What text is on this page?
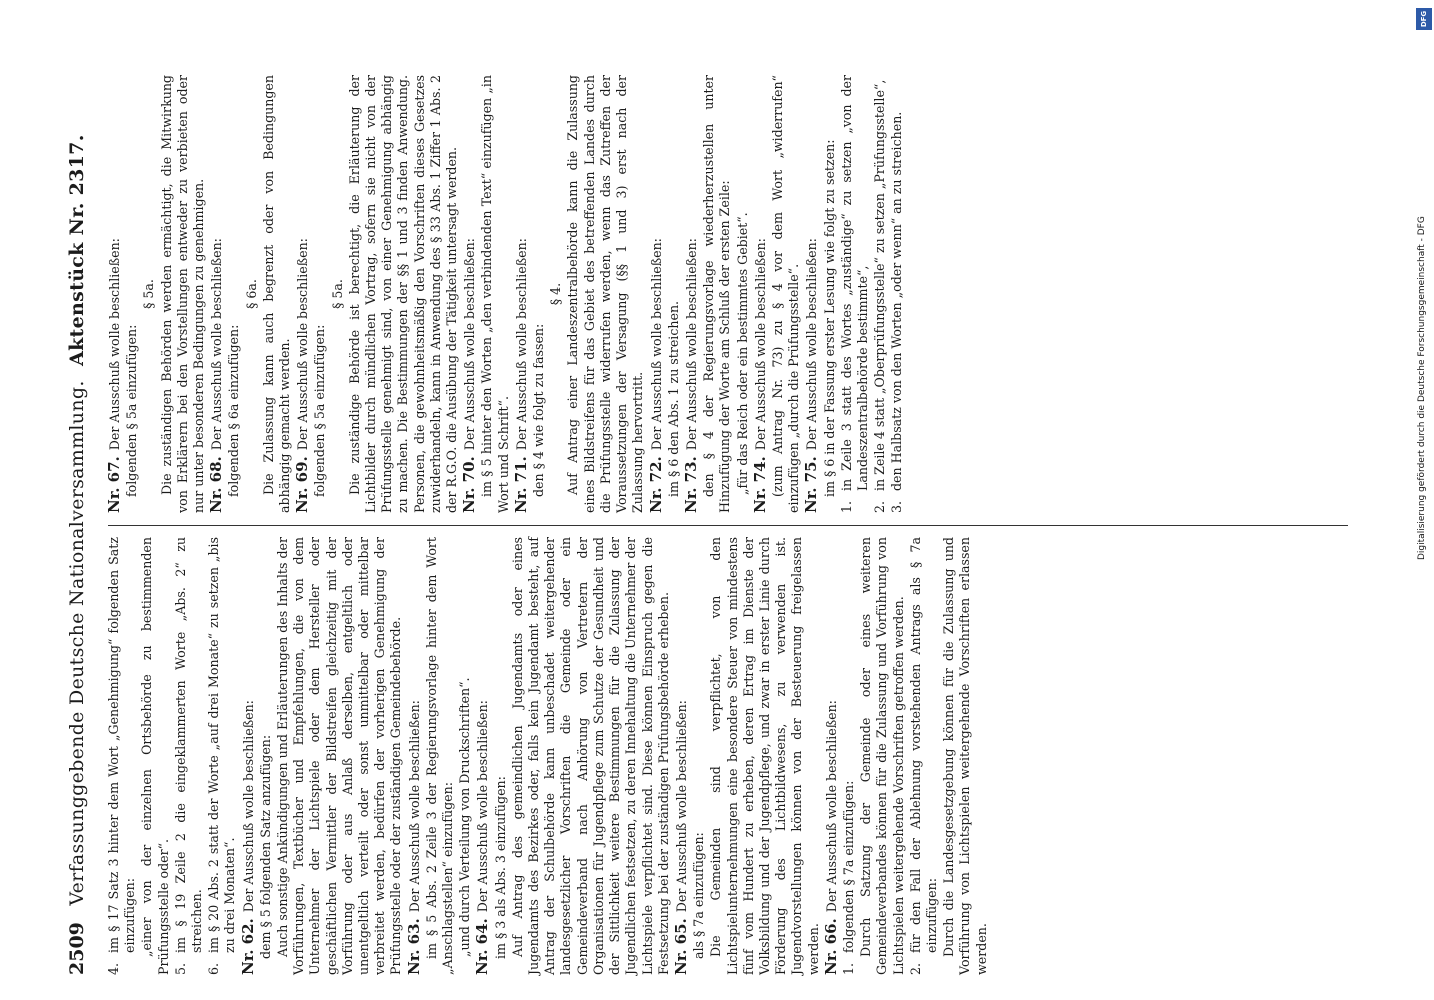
2509
Verfassunggebende Deutsche Nationalversammlung. Aktenstück Nr. 2317.
4.im § 17 Satz 3 hinter dem Wort „Genehmigung“ folgenden Satz einzufügen: „einer von der einzelnen Ortsbehörde zu bestimmenden Prüfungsstelle oder“. 5.im § 19 Zeile 2 die eingeklammerten Worte „Abs. 2“ zu streichen.
6.im § 20 Abs. 2 statt der Worte „auf drei Monate“ zu setzen „bis zu drei Monaten“. Nr. 62.Der Ausschuß wolle beschließen: dem § 5 folgenden Satz anzufügen: Auch sonstige Ankündigungen und Erläuterungen des Inhalts der Vorführungen, Textbücher und Empfehlungen, die von dem Unternehmer der Lichtspiele oder dem Hersteller oder geschäftlichen Vermittler der Bildstreifen gleichzeitig mit der Vorführung oder aus Anlaß derselben, entgeltlich oder unentgeltlich verteilt oder sonst unmittelbar oder mittelbar verbreitet werden, bedürfen der vorherigen Genehmigung der Prüfungsstelle oder der zuständigen Gemeindebehörde. Nr. 63.Der Ausschuß wolle beschließen: im § 5 Abs. 2 Zeile 3 der Regierungsvorlage hinter dem Wort „Anschlagstellen“ einzufügen: „und durch Verteilung von Druckschriften“. Nr. 64.Der Ausschuß wolle beschließen: im § 3 als Abs. 3 einzufügen: Auf Antrag des gemeindlichen Jugendamts oder eines Jugendamts des Bezirkes oder, falls kein Jugendamt besteht, auf Antrag der Schulbehörde kann unbeschadet weitergehender landesgesetzlicher Vorschriften die Gemeinde oder ein Gemeindeverband nach Anhörung von Vertretern der Organisationen für Jugendpflege zum Schutze der Gesundheit und der Sittlichkeit weitere Bestimmungen für die Zulassung der Jugendlichen festsetzen, zu deren Innehaltung die Unternehmer der Lichtspiele verpflichtet sind. Diese können Einspruch gegen die Festsetzung bei der zuständigen Prüfungsbehörde erheben. Nr. 65.Der Ausschuß wolle beschließen: als § 7a einzufügen: Die Gemeinden sind verpflichtet, von den Lichtspielunternehmungen eine besondere Steuer von mindestens fünf vom Hundert zu erheben, deren Ertrag im Dienste der Volksbildung und der Jugendpflege, und zwar in erster Linie durch Förderung des Lichtbildwesens, zu verwenden ist. Jugendvorstellungen können von der Besteuerung freigelassen werden. Nr. 66.Der Ausschuß wolle beschließen:
1.folgenden § 7a einzufügen: Durch Satzung der Gemeinde oder eines weiteren Gemeindeverbandes können für die Zulassung und Vorführung von Lichtspielen weitergehende Vorschriften getroffen werden. 2.für den Fall der Ablehnung vorstehenden Antrags als § 7a einzufügen: Durch die Landesgesetzgebung können für die Zulassung und Vorführung von Lichtspielen weitergehende Vorschriften erlassen werden.
Nr. 67.Der Ausschuß wolle beschließen: folgenden § 5a einzufügen:
§ 5a. Die zuständigen Behörden werden ermächtigt, die Mitwirkung von Erklärern bei den Vorstellungen entweder zu verbieten oder nur unter besonderen Bedingungen zu genehmigen. Nr. 68.Der Ausschuß wolle beschließen: folgenden § 6a einzufügen:
§ 6a. Die Zulassung kann auch begrenzt oder von Bedingungen abhängig gemacht werden. Nr. 69.Der Ausschuß wolle beschließen: folgenden § 5a einzufügen:
§ 5a. Die zuständige Behörde ist berechtigt, die Erläuterung der Lichtbilder durch mündlichen Vortrag, sofern sie nicht von der Prüfungsstelle genehmigt sind, von einer Genehmigung abhängig zu machen. Die Bestimmungen der §§ 1 und 3 finden Anwendung. Personen, die gewohnheitsmäßig den Vorschriften dieses Gesetzes zuwiderhandeln, kann in Anwendung des § 33 Abs. 1 Ziffer 1 Abs. 2 der R.G.O. die Ausübung der Tätigkeit untersagt werden. Nr. 70.Der Ausschuß wolle beschließen: im § 5 hinter den Worten „den verbindenden Text“ einzufügen „in Wort und Schrift“. Nr. 71.Der Ausschuß wolle beschließen: den § 4 wie folgt zu fassen:
§ 4. Auf Antrag einer Landeszentralbehörde kann die Zulassung eines Bildstreifens für das Gebiet des betreffenden Landes durch die Prüfungsstelle widerrufen werden, wenn das Zutreffen der Voraussetzungen der Versagung (§§ 1 und 3) erst nach der Zulassung hervortritt. Nr. 72.Der Ausschuß wolle beschließen: im § 6 den Abs. 1 zu streichen. Nr. 73.Der Ausschuß wolle beschließen: den § 4 der Regierungsvorlage wiederherzustellen unter Hinzufügung der Worte am Schluß der ersten Zeile: „für das Reich oder ein bestimmtes Gebiet“. Nr. 74.Der Ausschuß wolle beschließen: (zum Antrag Nr. 73) zu § 4 vor dem Wort „widerrufen“ einzufügen „durch die Prüfungsstelle“. Nr. 75.Der Ausschuß wolle beschließen: im § 6 in der Fassung erster Lesung wie folgt zu setzen:
1.in Zeile 3 statt des Wortes „zuständige“ zu setzen „von der Landeszentralbehörde bestimmte“,
2.in Zeile 4 statt „Oberprüfungsstelle“ zu setzen „Prüfungsstelle“,
3.den Halbsatz von den Worten „oder wenn“ an zu streichen.
DFG
Digitalisierung gefördert durch die Deutsche Forschungsgemeinschaft - DFG
